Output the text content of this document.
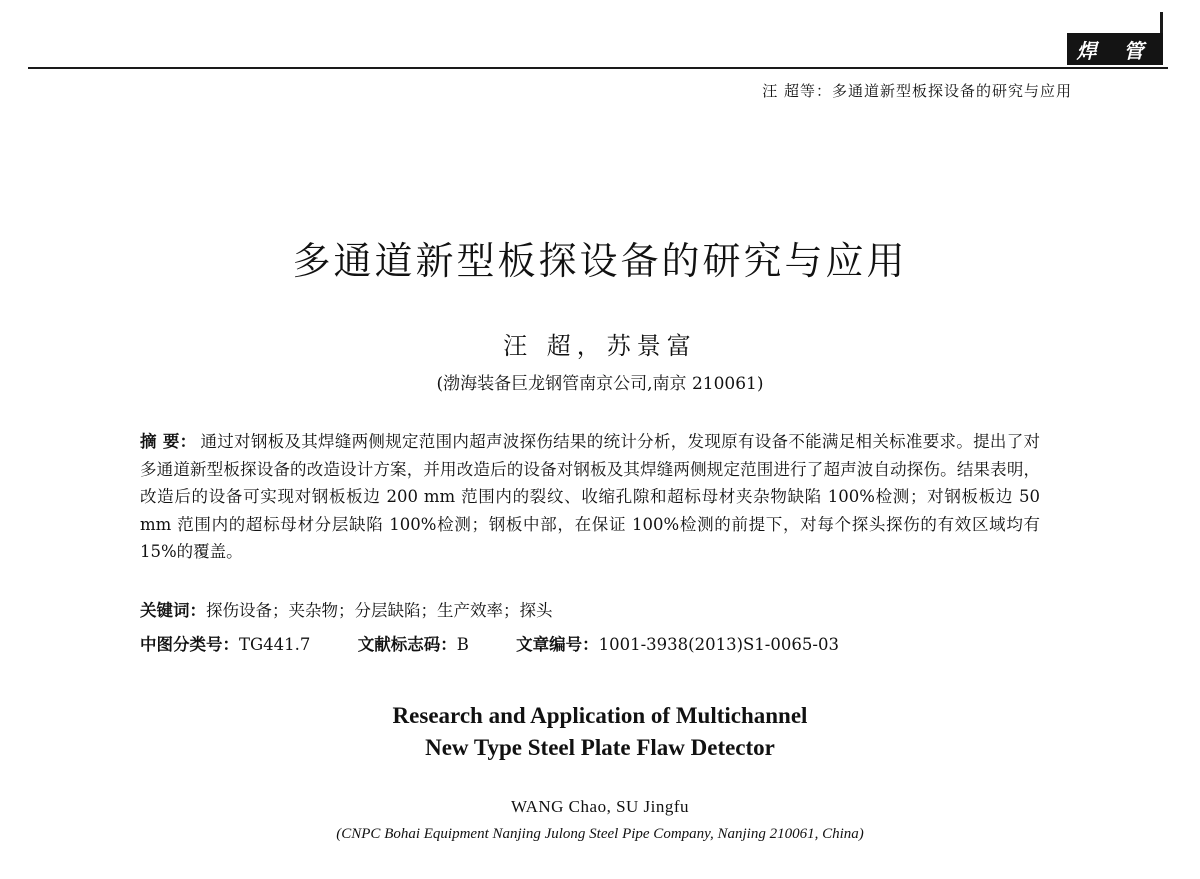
焊 管
汪 超等：多通道新型板探设备的研究与应用
多通道新型板探设备的研究与应用
汪 超，苏景富
(渤海装备巨龙钢管南京公司,南京 210061)
摘 要： 通过对钢板及其焊缝两侧规定范围内超声波探伤结果的统计分析，发现原有设备不能满足相关标准要求。提出了对多通道新型板探设备的改造设计方案，并用改造后的设备对钢板及其焊缝两侧规定范围进行了超声波自动探伤。结果表明，改造后的设备可实现对钢板板边 200 mm 范围内的裂纹、收缩孔隙和超标母材夹杂物缺陷 100%检测；对钢板板边 50 mm 范围内的超标母材分层缺陷 100%检测；钢板中部，在保证 100%检测的前提下，对每个探头探伤的有效区域均有 15%的覆盖。
关键词：探伤设备；夹杂物；分层缺陷；生产效率；探头
中图分类号：TG441.7	文献标志码：B	文章编号：1001-3938(2013)S1-0065-03
Research and Application of Multichannel
New Type Steel Plate Flaw Detector
WANG Chao, SU Jingfu
(CNPC Bohai Equipment Nanjing Julong Steel Pipe Company, Nanjing 210061, China)
